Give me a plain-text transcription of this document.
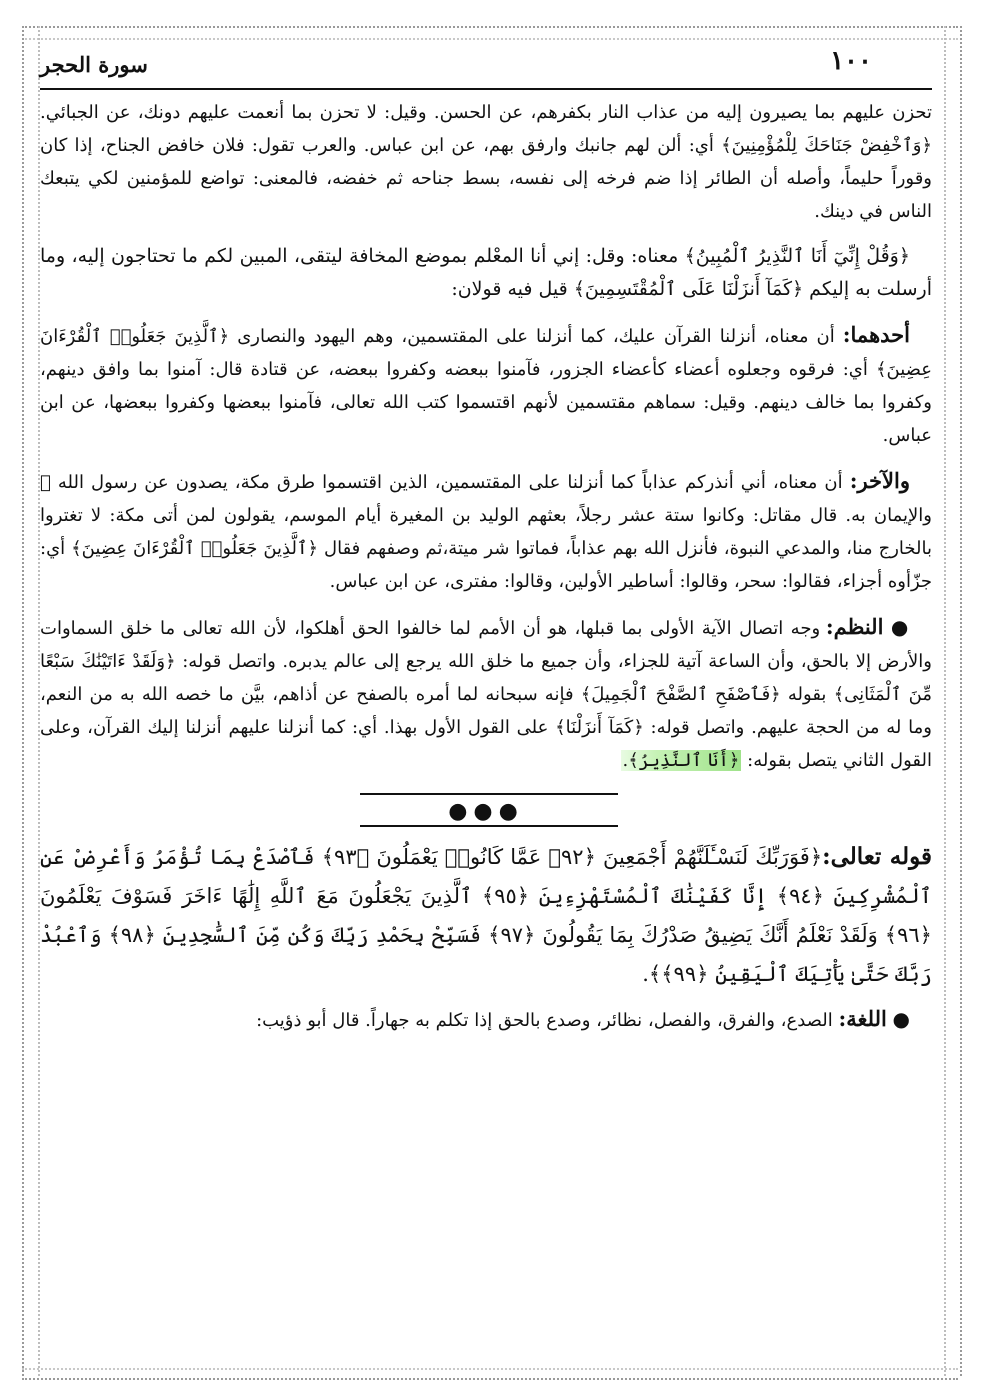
١٠٠
سورة الحجر

تحزن عليهم بما يصيرون إليه من عذاب النار بكفرهم، عن الحسن. وقيل: لا تحزن بما أنعمت عليهم دونك، عن الجبائي. ﴿وَٱخْفِضْ جَنَاحَكَ لِلْمُؤْمِنِينَ﴾ أي: ألن لهم جانبك وارفق بهم، عن ابن عباس. والعرب تقول: فلان خافض الجناح، إذا كان وقوراً حليماً، وأصله أن الطائر إذا ضم فرخه إلى نفسه، بسط جناحه ثم خفضه، فالمعنى: تواضع للمؤمنين لكي يتبعك الناس في دينك.

﴿وَقُلْ إِنِّيٓ أَنَا ٱلنَّذِيرُ ٱلْمُبِينُ﴾ معناه: وقل: إني أنا المعْلم بموضع المخافة ليتقى، المبين لكم ما تحتاجون إليه، وما أرسلت به إليكم ﴿كَمَآ أَنزَلْنَا عَلَى ٱلْمُقْتَسِمِينَ﴾ قيل فيه قولان:

أحدهما: أن معناه، أنزلنا القرآن عليك، كما أنزلنا على المقتسمين، وهم اليهود والنصارى ﴿ٱلَّذِينَ جَعَلُوا۟ ٱلْقُرْءَانَ عِضِينَ﴾ أي: فرقوه وجعلوه أعضاء كأعضاء الجزور، فآمنوا ببعضه وكفروا ببعضه، عن قتادة قال: آمنوا بما وافق دينهم، وكفروا بما خالف دينهم. وقيل: سماهم مقتسمين لأنهم اقتسموا كتب الله تعالى، فآمنوا ببعضها وكفروا ببعضها، عن ابن عباس.

والآخر: أن معناه، أني أنذركم عذاباً كما أنزلنا على المقتسمين، الذين اقتسموا طرق مكة، يصدون عن رسول الله ﷺ والإيمان به. قال مقاتل: وكانوا ستة عشر رجلاً، بعثهم الوليد بن المغيرة أيام الموسم، يقولون لمن أتى مكة: لا تغتروا بالخارج منا، والمدعي النبوة، فأنزل الله بهم عذاباً، فماتوا شر ميتة،ثم وصفهم فقال ﴿ٱلَّذِينَ جَعَلُوا۟ ٱلْقُرْءَانَ عِضِينَ﴾ أي: جزّأوه أجزاء، فقالوا: سحر، وقالوا: أساطير الأولين، وقالوا: مفترى، عن ابن عباس.

● النظم: وجه اتصال الآية الأولى بما قبلها، هو أن الأمم لما خالفوا الحق أهلكوا، لأن الله تعالى ما خلق السماوات والأرض إلا بالحق، وأن الساعة آتية للجزاء، وأن جميع ما خلق الله يرجع إلى عالم يدبره. واتصل قوله: ﴿وَلَقَدْ ءَاتَيْنَٰكَ سَبْعًا مِّنَ ٱلْمَثَانِى﴾ بقوله ﴿فَٱصْفَحِ ٱلصَّفْحَ ٱلْجَمِيلَ﴾ فإنه سبحانه لما أمره بالصفح عن أذاهم، بيَّن ما خصه الله به من النعم، وما له من الحجة عليهم. واتصل قوله: ﴿كَمَآ أَنزَلْنَا﴾ على القول الأول بهذا. أي: كما أنزلنا عليهم أنزلنا إليك القرآن، وعلى القول الثاني يتصل بقوله: ﴿أَنَا ٱلنَّذِيرُ﴾.

●●●

قوله تعالى:﴿فَوَرَبِّكَ لَنَسْـَٔلَنَّهُمْ أَجْمَعِينَ ﴿٩٢﴾ عَمَّا كَانُوا۟ يَعْمَلُونَ ﴿٩٣﴾ فَٱصْدَعْ بِمَا تُؤْمَرُ وَأَعْرِضْ عَنِ ٱلْمُشْرِكِينَ ﴿٩٤﴾ إِنَّا كَفَيْنَٰكَ ٱلْمُسْتَهْزِءِينَ ﴿٩٥﴾ ٱلَّذِينَ يَجْعَلُونَ مَعَ ٱللَّهِ إِلَٰهًا ءَاخَرَ فَسَوْفَ يَعْلَمُونَ ﴿٩٦﴾ وَلَقَدْ نَعْلَمُ أَنَّكَ يَضِيقُ صَدْرُكَ بِمَا يَقُولُونَ ﴿٩٧﴾ فَسَبِّحْ بِحَمْدِ رَبِّكَ وَكُن مِّنَ ٱلسَّٰجِدِينَ ﴿٩٨﴾ وَٱعْبُدْ رَبَّكَ حَتَّىٰ يَأْتِيَكَ ٱلْيَقِينُ ﴿٩٩﴾﴾.

● اللغة: الصدع، والفرق، والفصل، نظائر، وصدع بالحق إذا تكلم به جهاراً. قال أبو ذؤيب:
